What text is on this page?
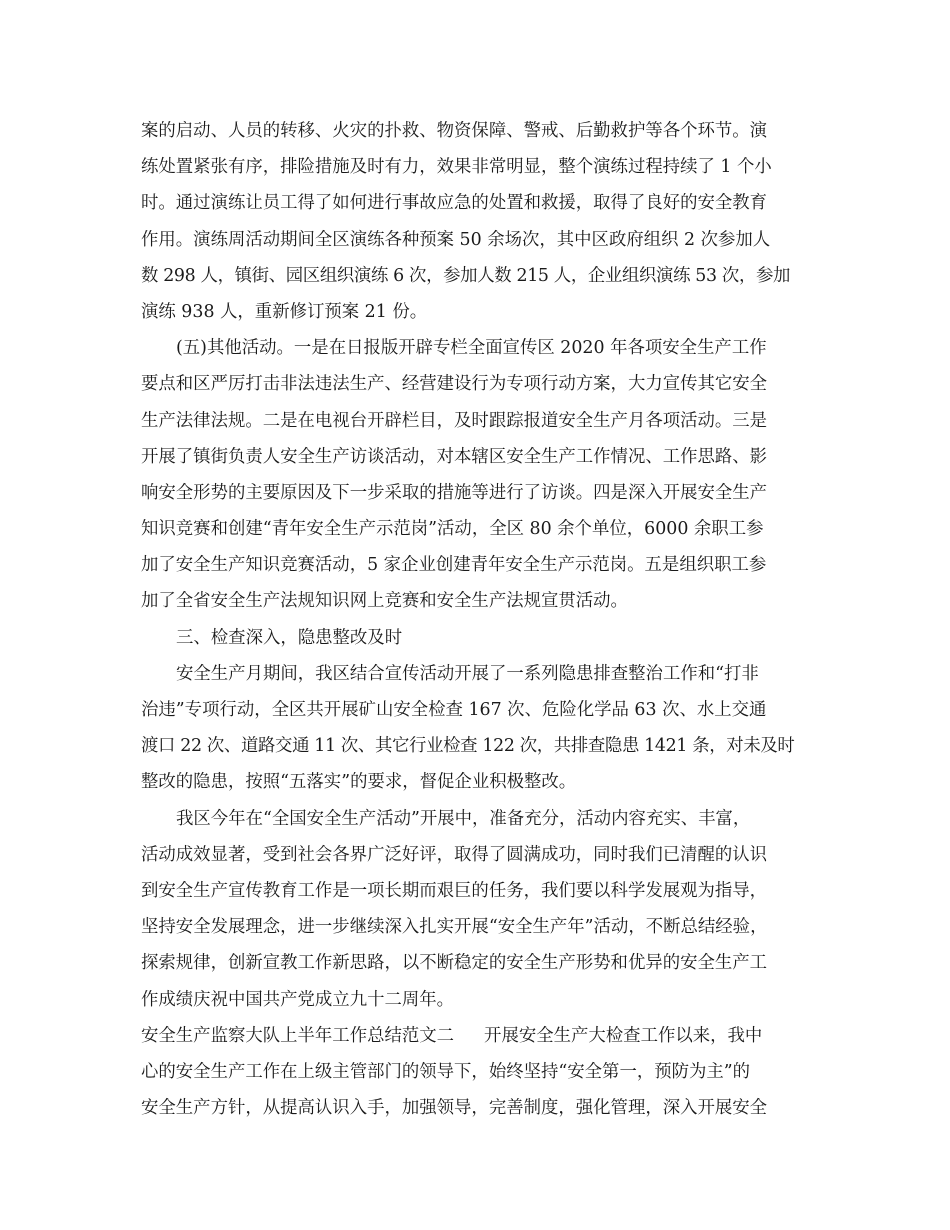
案的启动、人员的转移、火灾的扑救、物资保障、警戒、后勤救护等各个环节。演
练处置紧张有序，排险措施及时有力，效果非常明显，整个演练过程持续了 1 个小
时。通过演练让员工得了如何进行事故应急的处置和救援，取得了良好的安全教育
作用。演练周活动期间全区演练各种预案 50 余场次，其中区政府组织 2 次参加人
数 298 人，镇街、园区组织演练 6 次，参加人数 215 人，企业组织演练 53 次，参加
演练 938 人，重新修订预案 21 份。
(五)其他活动。一是在日报版开辟专栏全面宣传区 2020 年各项安全生产工作
要点和区严厉打击非法违法生产、经营建设行为专项行动方案，大力宣传其它安全
生产法律法规。二是在电视台开辟栏目，及时跟踪报道安全生产月各项活动。三是
开展了镇街负责人安全生产访谈活动，对本辖区安全生产工作情况、工作思路、影
响安全形势的主要原因及下一步采取的措施等进行了访谈。四是深入开展安全生产
知识竞赛和创建“青年安全生产示范岗”活动，全区 80 余个单位，6000 余职工参
加了安全生产知识竞赛活动，5 家企业创建青年安全生产示范岗。五是组织职工参
加了全省安全生产法规知识网上竞赛和安全生产法规宣贯活动。
三、检查深入，隐患整改及时
安全生产月期间，我区结合宣传活动开展了一系列隐患排查整治工作和“打非
治违”专项行动，全区共开展矿山安全检查 167 次、危险化学品 63 次、水上交通
渡口 22 次、道路交通 11 次、其它行业检查 122 次，共排查隐患 1421 条，对未及时
整改的隐患，按照“五落实”的要求，督促企业积极整改。
我区今年在“全国安全生产活动”开展中，准备充分，活动内容充实、丰富，
活动成效显著，受到社会各界广泛好评，取得了圆满成功，同时我们已清醒的认识
到安全生产宣传教育工作是一项长期而艰巨的任务，我们要以科学发展观为指导，
坚持安全发展理念，进一步继续深入扎实开展“安全生产年”活动，不断总结经验，
探索规律，创新宣教工作新思路，以不断稳定的安全生产形势和优异的安全生产工
作成绩庆祝中国共产党成立九十二周年。
安全生产监察大队上半年工作总结范文二 开展安全生产大检查工作以来，我中
心的安全生产工作在上级主管部门的领导下，始终坚持“安全第一，预防为主”的
安全生产方针，从提高认识入手，加强领导，完善制度，强化管理，深入开展安全
